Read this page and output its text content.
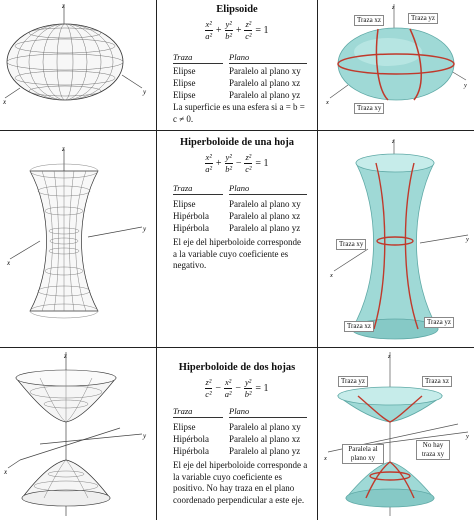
z
x
y
Elipsoide
$\frac{\text{x²}}{\text{a²}} + \frac{\text{y²}}{\text{b²}} + \frac{\text{z²}}{\text{c²}} = 1$
Traza	Plano
Elipse	Paralelo al plano xy
Elipse	Paralelo al plano xz
Elipse	Paralelo al plano yz
La superficie es una esfera si a = b = c ≠ 0.
z
x
y
Traza xz	Traza yz
Traza xy
z
x
y
Hiperboloide de una hoja
$\frac{\text{x²}}{\text{a²}} + \frac{\text{y²}}{\text{b²}} - \frac{\text{z²}}{\text{c²}} = 1$
Traza	Plano
Elipse	Paralelo al plano xy
Hipérbola Paralelo al plano xz
Hipérbola Paralelo al plano yz
El eje del hiperboloide corresponde a la variable cuyo coeficiente es negativo.
z
x
y
Traza xy
Traza xz	Traza yz
z
x
y
Hiperboloide de dos hojas
$\frac{\text{z²}}{\text{c²}} - \frac{\text{x²}}{\text{a²}} - \frac{\text{y²}}{\text{b²}} = 1$
Traza	Plano
Elipse	Paralelo al plano xy
Hipérbola Paralelo al plano xz
Hipérbola Paralelo al plano yz
El eje del hiperboloide corresponde a la variable cuyo coeficiente es positivo. No hay traza en el plano coordenado perpendicular a este eje.
z
y
x
Traza yz	Traza xz
Paralela al plano xy
No hay traza xy
